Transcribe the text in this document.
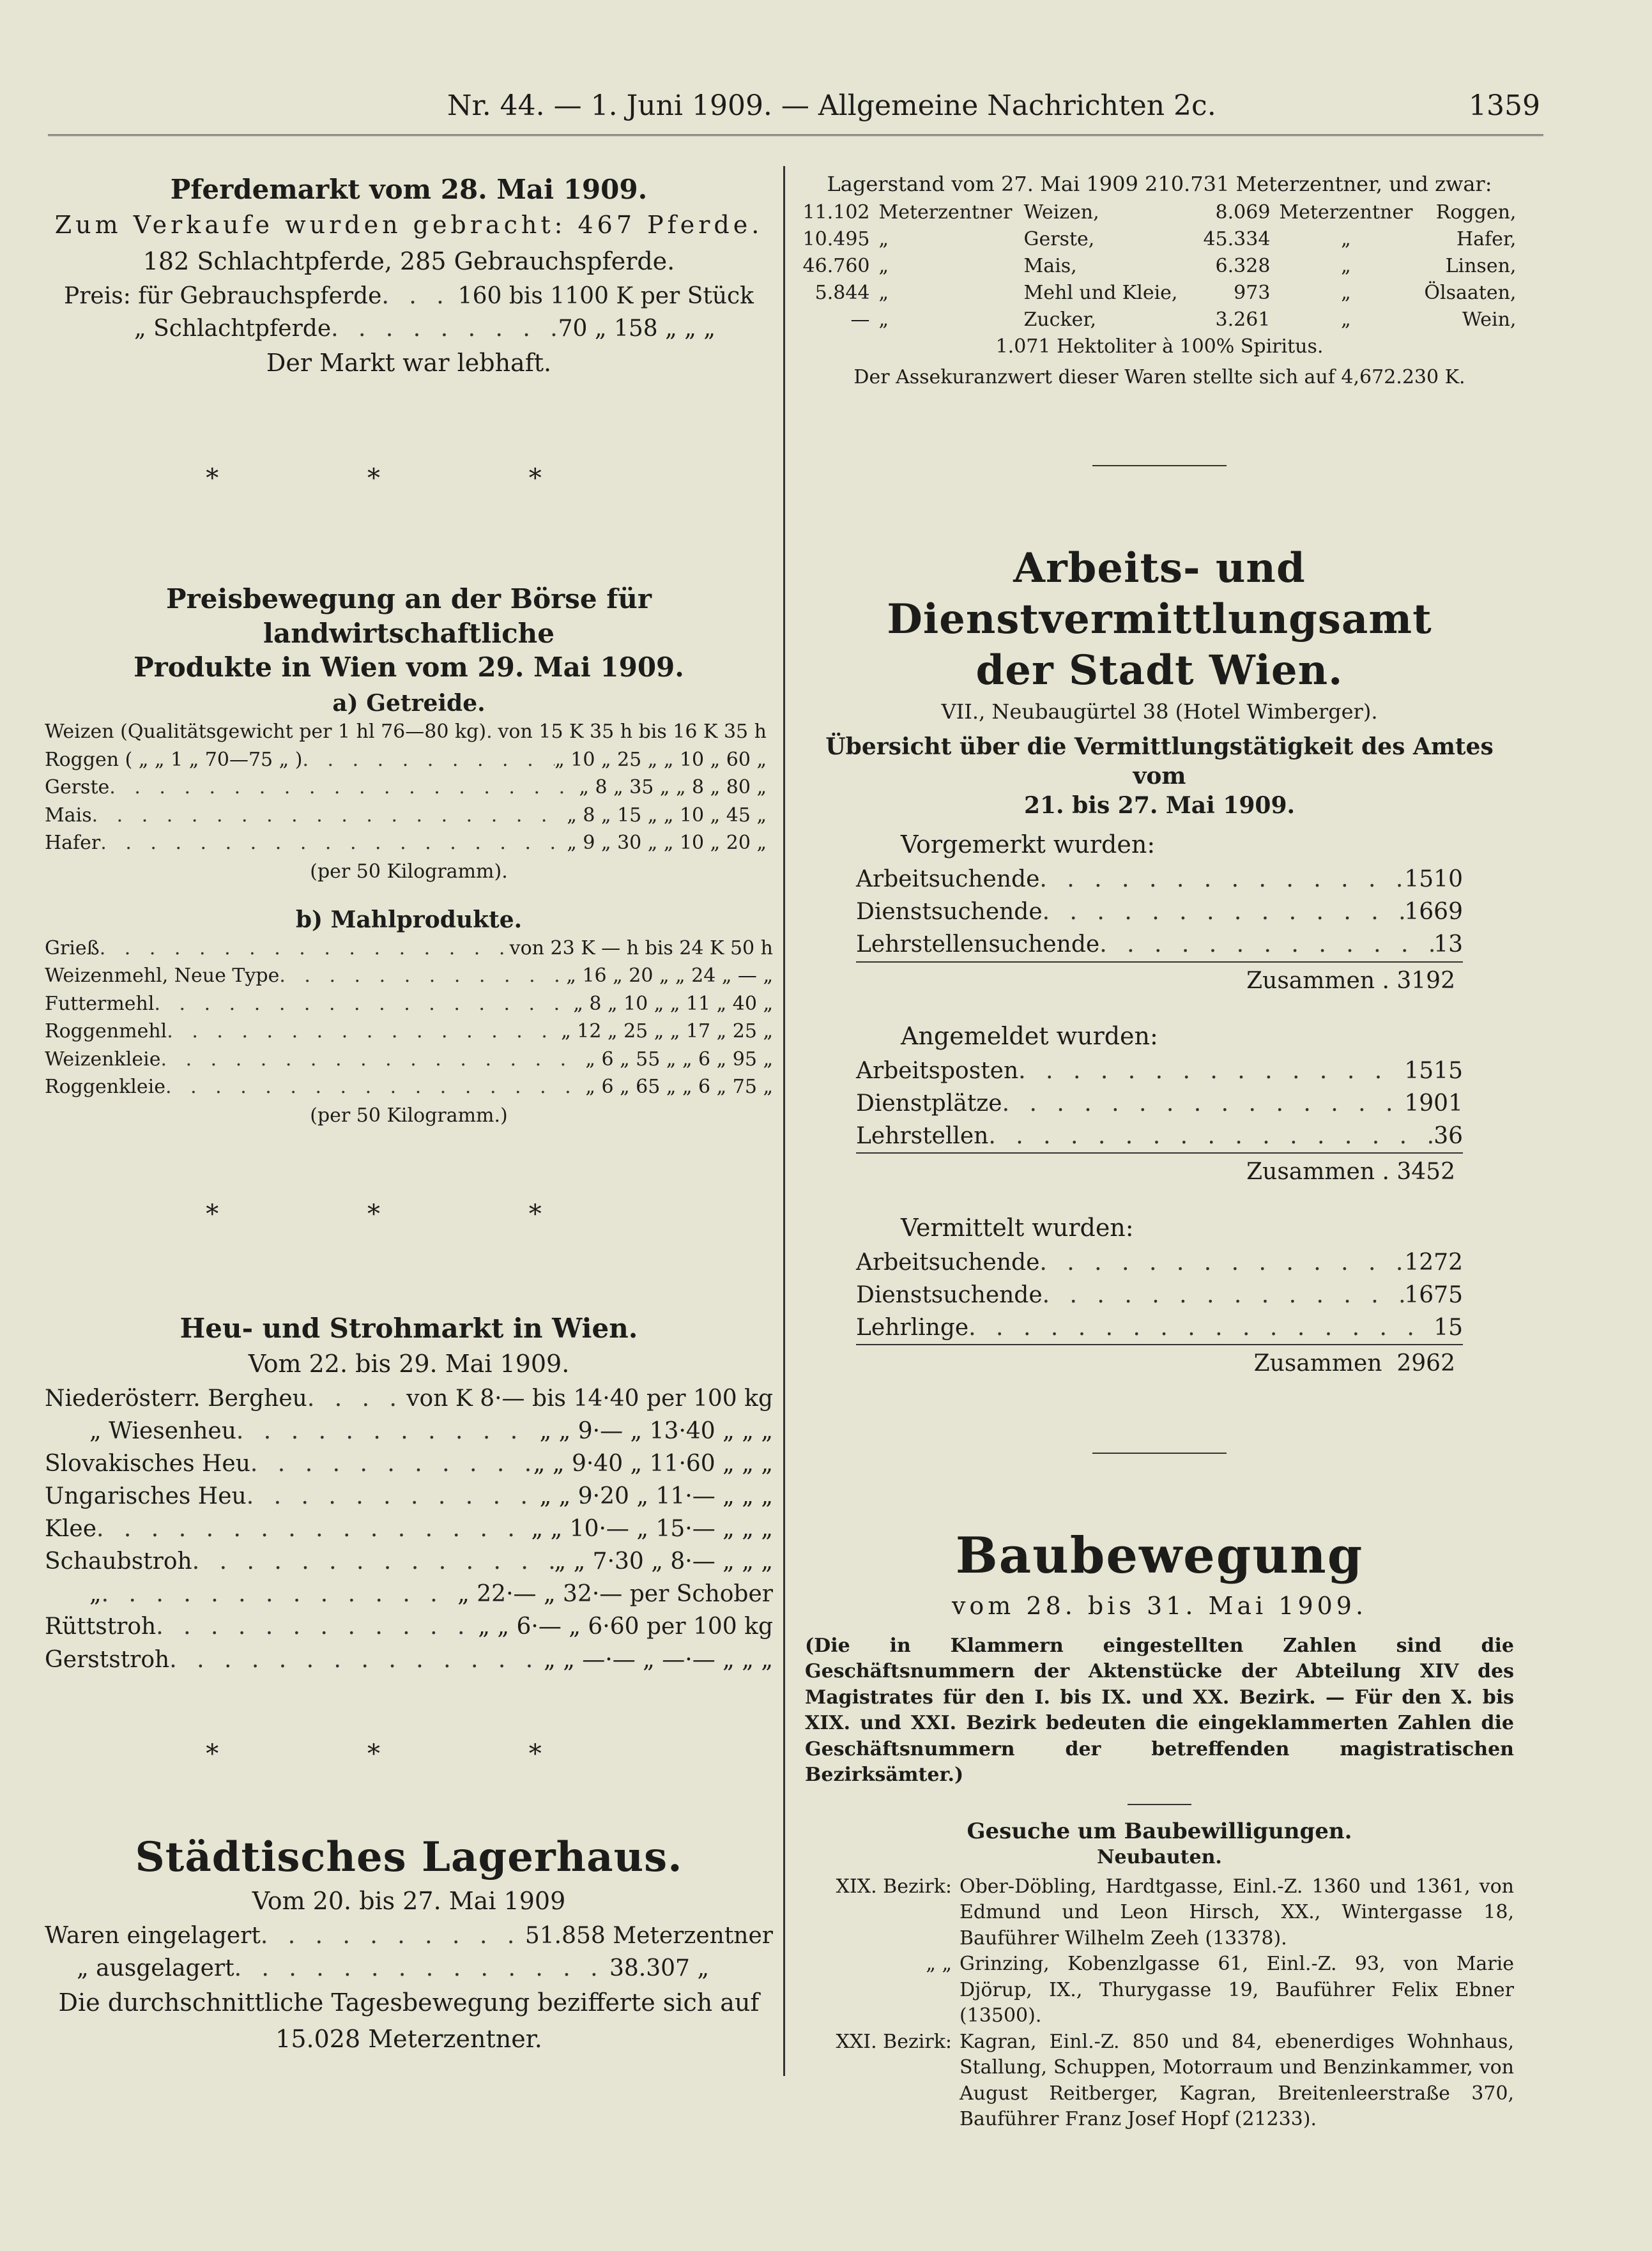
Nr. 44. — 1. Juni 1909. — Allgemeine Nachrichten 2c.	1359

Pferdemarkt vom 28. Mai 1909.

Zum Verkaufe wurden gebracht: 467 Pferde.

182 Schlachtpferde, 285 Gebrauchspferde.

Preis: für Gebrauchspferde . . .	160 bis 1100 K per Stück
„ Schlachtpferde . . .	70 „ 158 „ „ „

Der Markt war lebhaft.

* * *

Preisbewegung an der Börse für landwirtschaftliche

Produkte in Wien vom 29. Mai 1909.

a) Getreide.

Weizen (Qualitätsgewicht per 1 hl 76—80 kg) . . . von 15 K 35 h bis 16 K 35 h
Roggen ( „ „ 1 „ 70—75 „ ) . . .	„ 10 „ 25 „ „ 10 „ 60 „
Gerste . . .	„ 8 „ 35 „ „ 8 „ 80 „
Mais . . .	„ 8 „ 15 „ „ 10 „ 45 „
Hafer . . .	„ 9 „ 30 „ „ 10 „ 20 „

(per 50 Kilogramm).

b) Mahlprodukte.

Grieß . . .	von 23 K — h bis 24 K 50 h
Weizenmehl, Neue Type . . .	„ 16 „ 20 „ „ 24 „ — „
Futtermehl . . .	„ 8 „ 10 „ „ 11 „ 40 „
Roggenmehl . . .	„ 12 „ 25 „ „ 17 „ 25 „
Weizenkleie . . .	„ 6 „ 55 „ „ 6 „ 95 „
Roggenkleie . . .	„ 6 „ 65 „ „ 6 „ 75 „

(per 50 Kilogramm.)

* * *

Heu- und Strohmarkt in Wien.

Vom 22. bis 29. Mai 1909.

Niederösterr. Bergheu . . .	von K 8·— bis 14·40 per 100 kg
„ Wiesenheu . . .	„ „ 9·— „ 13·40 „ „ „
Slovakisches Heu . . .	„ „ 9·40 „ 11·60 „ „ „
Ungarisches Heu . . .	„ „ 9·20 „ 11·— „ „ „
Klee . . .	„ „ 10·— „ 15·— „ „ „
Schaubstroh . . .	„ „ 7·30 „ 8·— „ „ „
„ . . .	„ 22·— „ 32·— per Schober
Rüttstroh . . .	„ „ 6·— „ 6·60 per 100 kg
Gerststroh . . .	„ „ —·— „ —·— „ „ „
* * *

Städtisches Lagerhaus.

Vom 20. bis 27. Mai 1909

Waren eingelagert . . .	51.858 Meterzentner
„ ausgelagert . . .	38.307 „

Die durchschnittliche Tagesbewegung bezifferte sich auf

15.028 Meterzentner.

Lagerstand vom 27. Mai 1909 210.731 Meterzentner, und zwar:

11.102	Meterzentner	Weizen,	8.069	Meterzentner	Roggen,
10.495	„	Gerste,	45.334	„	Hafer,
46.760	„	Mais,	6.328	„	Linsen,
5.844	„	Mehl und Kleie,	973	„	Ölsaaten,
—	„	Zucker,	3.261	„	Wein,

1.071 Hektoliter à 100% Spiritus.

Der Assekuranzwert dieser Waren stellte sich auf 4,672.230 K.

Arbeits- und Dienstvermittlungsamt

der Stadt Wien.

VII., Neubaugürtel 38 (Hotel Wimberger).

Übersicht über die Vermittlungstätigkeit des Amtes vom

21. bis 27. Mai 1909.

Vorgemerkt wurden:

Arbeitsuchende . . .	1510
Dienstsuchende . . .	1669
Lehrstellensuchende . . .	13
Zusammen . 3192

Angemeldet wurden:

Arbeitsposten . . .	1515
Dienstplätze . . .	1901
Lehrstellen . . .	36
Zusammen . 3452

Vermittelt wurden:

Arbeitsuchende . . .	1272
Dienstsuchende . . .	1675
Lehrlinge . . .	15
Zusammen 2962

Baubewegung

vom 28. bis 31. Mai 1909.

(Die in Klammern eingestellten Zahlen sind die Geschäftsnummern der Aktenstücke der Abteilung XIV des Magistrates für den I. bis IX. und XX. Bezirk. — Für den X. bis XIX. und XXI. Bezirk bedeuten die eingeklammerten Zahlen die Geschäftsnummern der betreffenden magistratischen Bezirksämter.)

Gesuche um Baubewilligungen.

Neubauten.

XIX. Bezirk: Ober-Döbling, Hardtgasse, Einl.-Z. 1360 und 1361, von Edmund und Leon Hirsch, XX., Wintergasse 18, Bauführer Wilhelm Zeeh (13378).
„ „ Grinzing, Kobenzlgasse 61, Einl.-Z. 93, von Marie Djörup, IX., Thurygasse 19, Bauführer Felix Ebner (13500).
XXI. Bezirk: Kagran, Einl.-Z. 850 und 84, ebenerdiges Wohnhaus, Stallung, Schuppen, Motorraum und Benzinkammer, von August Reitberger, Kagran, Breitenleerstraße 370, Bauführer Franz Josef Hopf (21233).
